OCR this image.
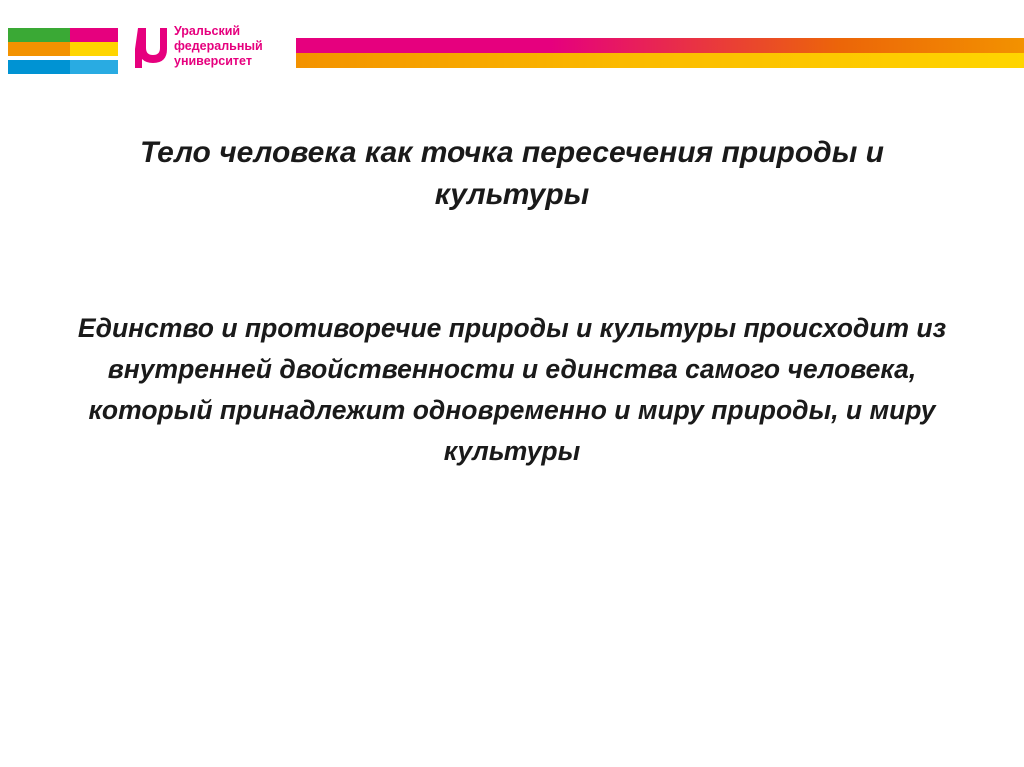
Уральский
федеральный
университет
Тело человека как точка пересечения природы и культуры
Единство и противоречие природы и культуры происходит из внутренней двойственности и единства самого человека, который принадлежит одновременно и миру природы, и миру культуры
